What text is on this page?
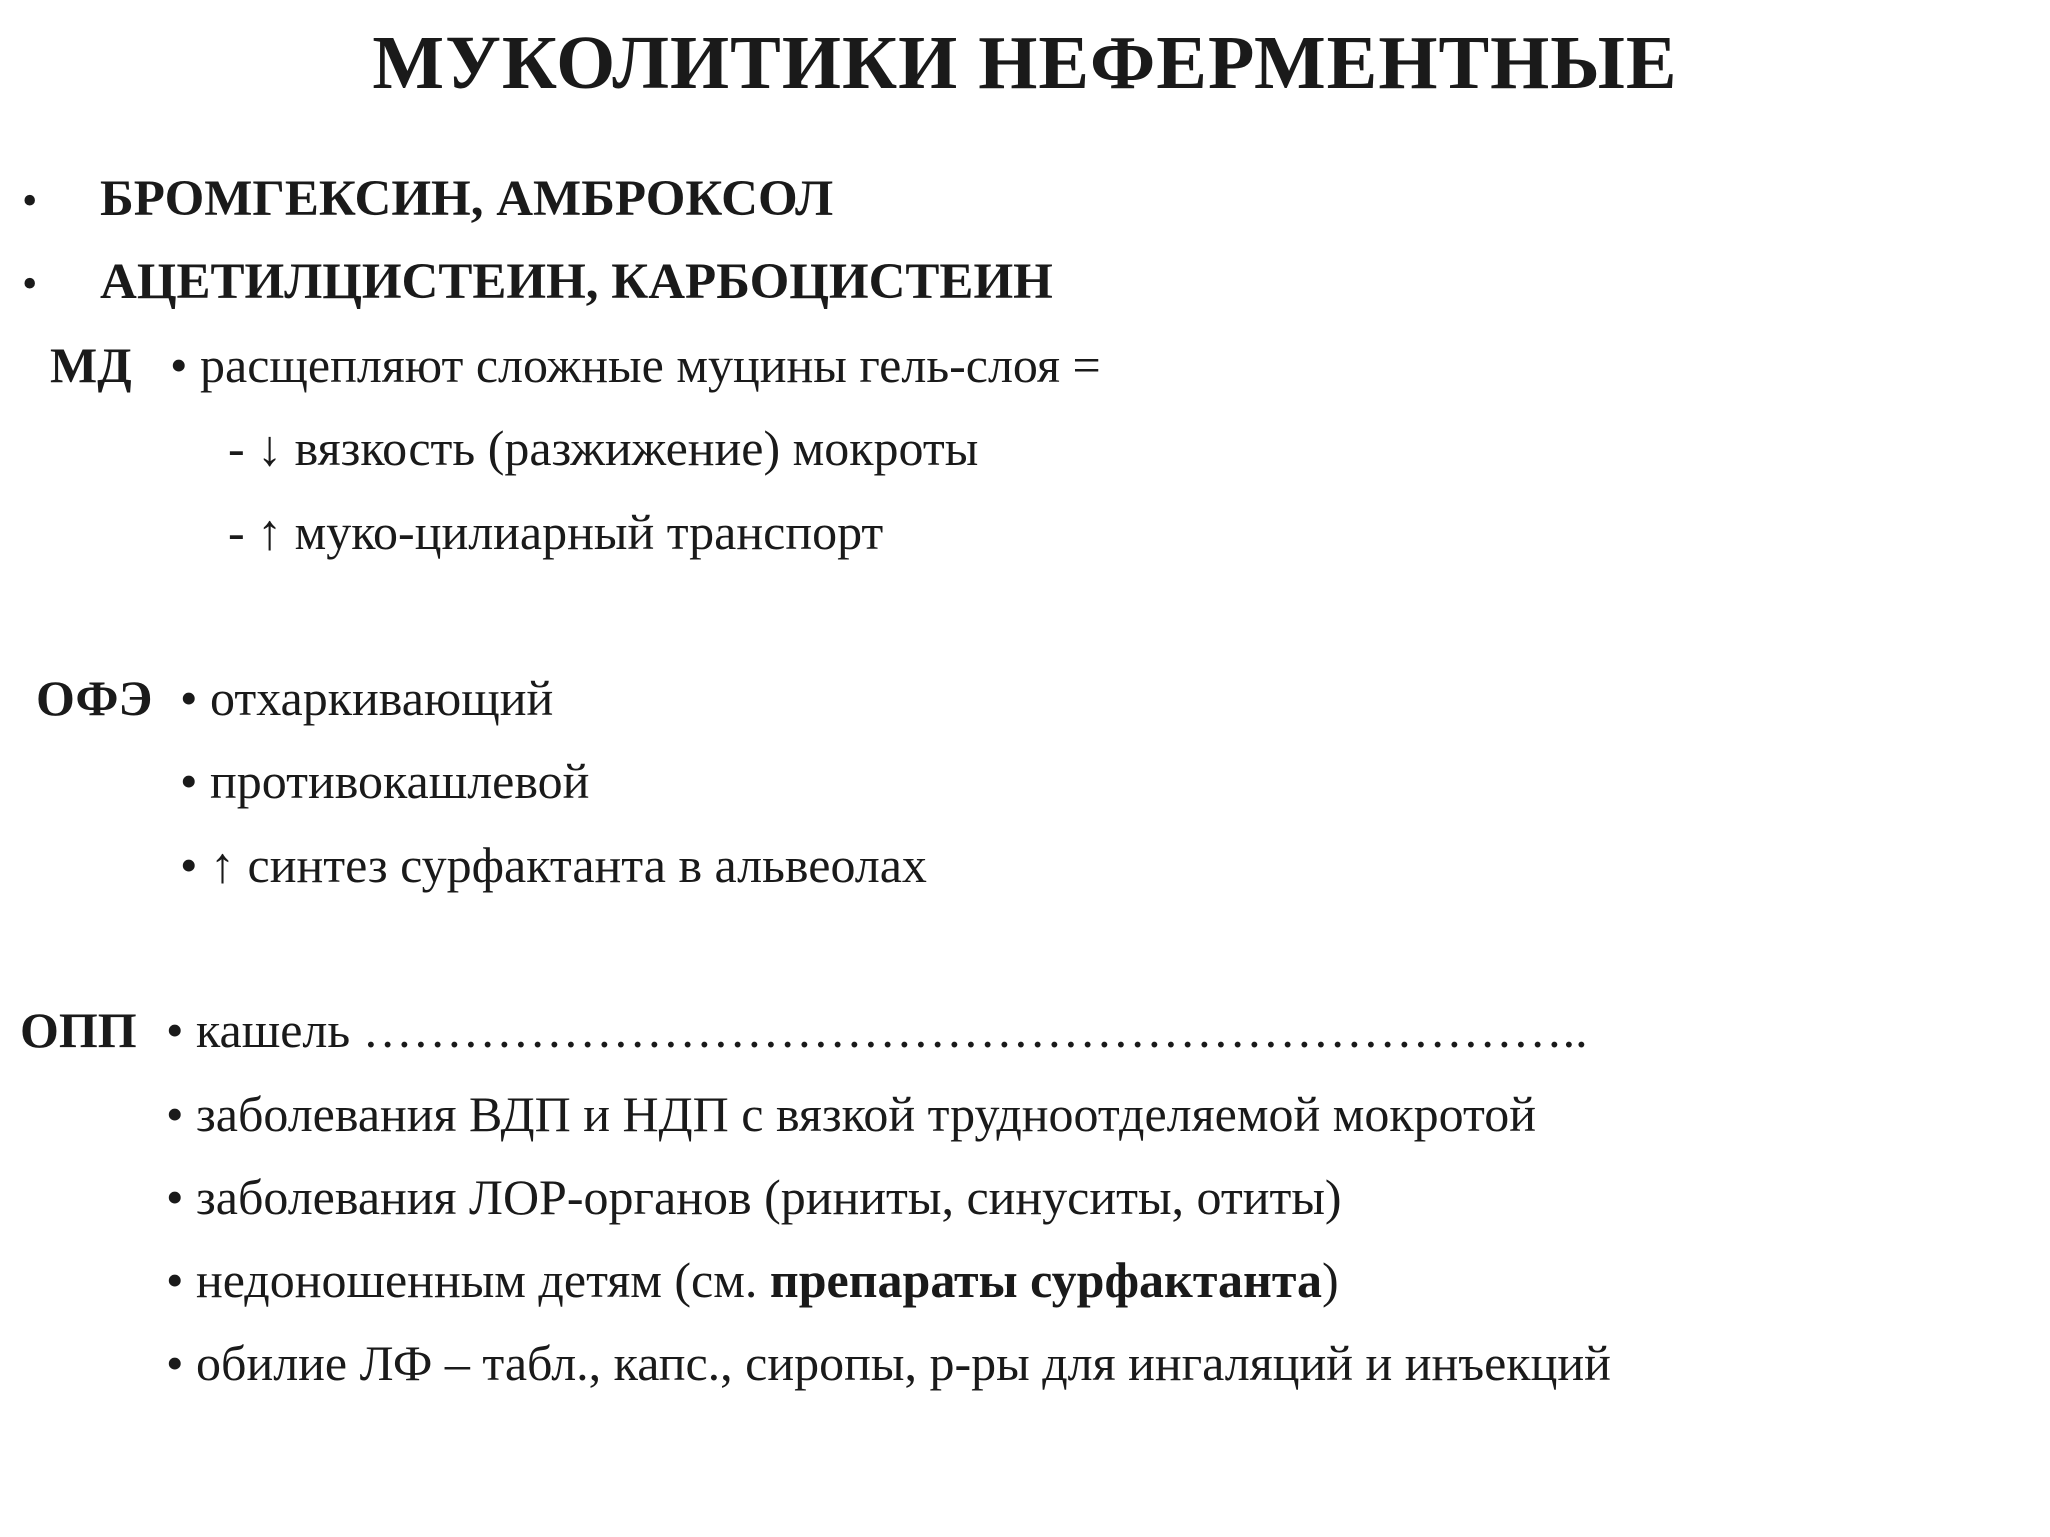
МУКОЛИТИКИ НЕФЕРМЕНТНЫЕ
• БРОМГЕКСИН, АМБРОКСОЛ
• АЦЕТИЛЦИСТЕИН, КАРБОЦИСТЕИН
МД • расщепляют сложные муцины гель-слоя =
- ↓ вязкость (разжижение) мокроты
- ↑ муко-цилиарный транспорт
ОФЭ • отхаркивающий
• противокашлевой
• ↑ синтез сурфактанта в альвеолах
ОПП • кашель ………………………………………………………………..
• заболевания ВДП и НДП с вязкой трудноотделяемой мокротой
• заболевания ЛОР-органов (риниты, синуситы, отиты)
• недоношенным детям (см. препараты сурфактанта)
• обилие ЛФ – табл., капс., сиропы, р-ры для ингаляций и инъекций
